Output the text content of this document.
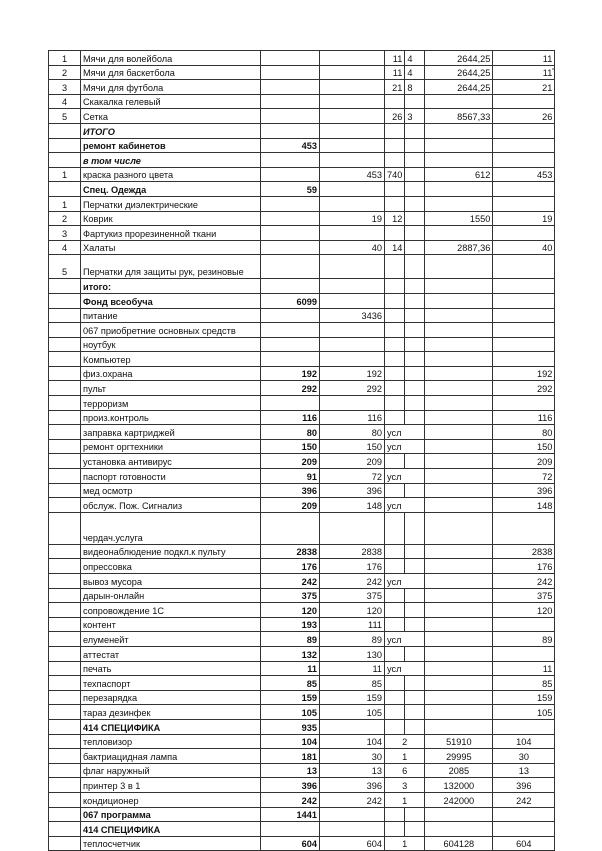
1	Мячи для волейбола			11	4	2644,25	11
2	Мячи для баскетбола			11	4	2644,25	11
3	Мячи для футбола			21	8	2644,25	21
4	Скакалка гелевый						
5	Сетка			26	3	8567,33	26
	ИТОГО						
	ремонт кабинетов	453					
	в том числе						
1	краска разного цвета		453	740		612	453
	Спец. Одежда	59					
1	Перчатки диэлектрические						
2	Коврик		19	12		1550	19
3	Фартукиз прорезиненной ткани						
4	Халаты		40	14		2887,36	40
5	Перчатки для защиты рук, резиновые						
	итого:						
	Фонд всеобуча	6099					
	питание		3436				
	067 приобретние основных средств						
	ноутбук						
	Компьютер						
	физ.охрана	192	192				192
	пульт	292	292				292
	терроризм						
	произ.контроль	116	116				116
	заправка картриджей	80	80	усл			80
	ремонт оргтехники	150	150	усл			150
	установка антивирус	209	209				209
	паспорт готовности	91	72	усл			72
	мед осмотр	396	396				396
	обслуж. Пож. Сигнализ	209	148	усл			148
	чердач.услуга						
	видеонаблюдение подкл.к пульту	2838	2838				2838
	опрессовка	176	176				176
	вывоз мусора	242	242	усл			242
	дарын-онлайн	375	375				375
	сопровождение 1С	120	120				120
	контент	193	111				
	елуменейт	89	89	усл			89
	аттестат	132	130				
	печать	11	11	усл			11
	техпаспорт	85	85				85
	перезарядка	159	159				159
	тараз дезинфек	105	105				105
	414 СПЕЦИФИКА	935					
	тепловизор	104	104	2		51910	104
	бактриацидная лампа	181	30	1		29995	30
	флаг наружный	13	13	6		2085	13
	принтер 3 в 1	396	396	3		132000	396
	кондиционер	242	242	1		242000	242
	067 программа	1441					
	414 СПЕЦИФИКА						
	теплосчетчик	604	604	1		604128	604
